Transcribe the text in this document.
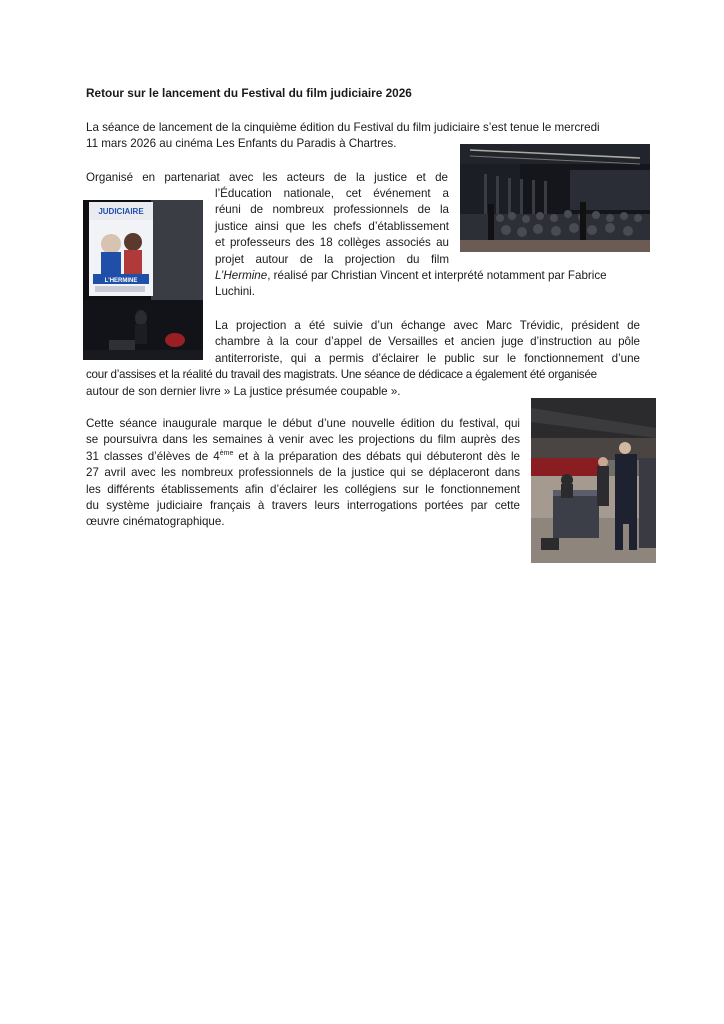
Retour sur le lancement du Festival du film judiciaire 2026

La séance de lancement de la cinquième édition du Festival du film judiciaire s’est tenue le mercredi
11 mars 2026 au cinéma Les Enfants du Paradis à Chartres.

Organisé en partenariat avec les acteurs de la justice et de
l’Éducation nationale, cet événement a
réuni de nombreux professionnels de la
justice ainsi que les chefs d’établissement
et professeurs des 18 collèges associés au
projet autour de la projection du film
L’Hermine, réalisé par Christian Vincent et interprété notamment par Fabrice
Luchini.
La projection a été suivie d’un échange avec Marc Trévidic, président de
chambre à la cour d’appel de Versailles et ancien juge d’instruction au pôle
antiterroriste, qui a permis d’éclairer le public sur le fonctionnement d’une
cour d’assises et la réalité du travail des magistrats. Une séance de dédicace a également été organisée
autour de son dernier livre » La justice présumée coupable ».
Cette séance inaugurale marque le début d’une nouvelle édition du festival, qui
se poursuivra dans les semaines à venir avec les projections du film auprès des
31 classes d’élèves de 4ème et à la préparation des débats qui débuteront dès le
27 avril avec les nombreux professionnels de la justice qui se déplaceront dans
les différents établissements afin d’éclairer les collégiens sur le fonctionnement
du système judiciaire français à travers leurs interrogations portées par cette
œuvre cinématographique.
JUDICIAIRE
L'HERMINE
